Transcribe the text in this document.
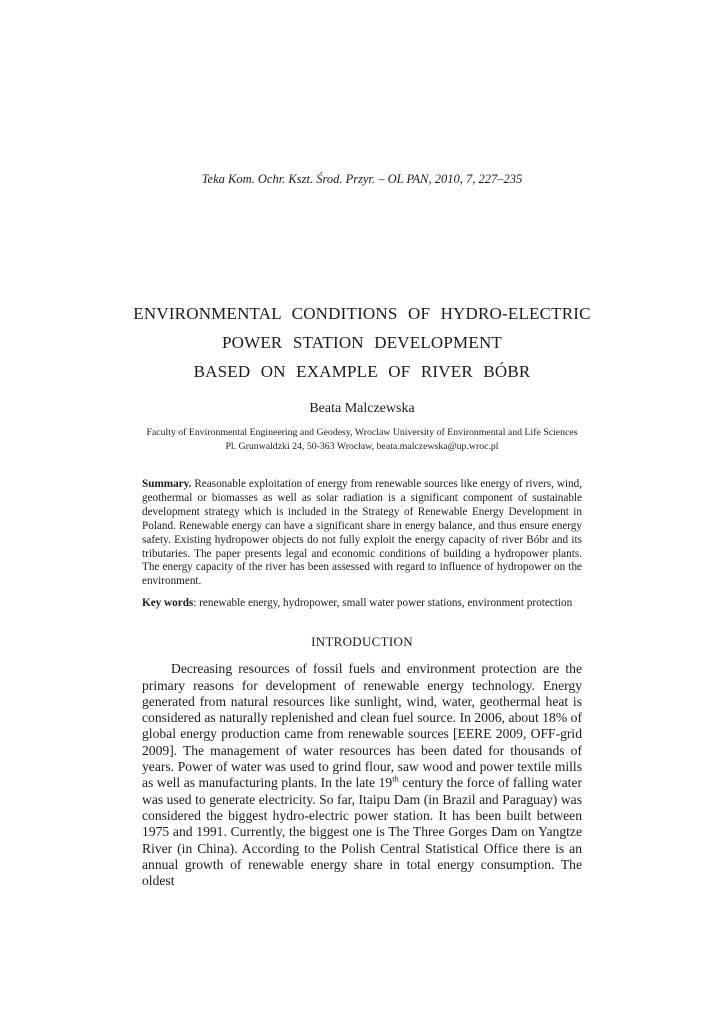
Teka Kom. Ochr. Kszt. Środ. Przyr. – OL PAN, 2010, 7, 227–235
ENVIRONMENTAL CONDITIONS OF HYDRO-ELECTRIC
POWER STATION DEVELOPMENT
BASED ON EXAMPLE OF RIVER BÓBR
Beata Malczewska
Faculty of Environmental Engineering and Geodesy, Wroclaw University of Environmental and Life Sciences
Pl. Grunwaldzki 24, 50-363 Wrocław, beata.malczewska@up.wroc.pl

Summary. Reasonable exploitation of energy from renewable sources like energy of rivers, wind, geothermal or biomasses as well as solar radiation is a significant component of sustainable development strategy which is included in the Strategy of Renewable Energy Development in Poland. Renewable energy can have a significant share in energy balance, and thus ensure energy safety. Existing hydropower objects do not fully exploit the energy capacity of river Bóbr and its tributaries. The paper presents legal and economic conditions of building a hydropower plants. The energy capacity of the river has been assessed with regard to influence of hydropower on the environment.

Key words: renewable energy, hydropower, small water power stations, environment protection

INTRODUCTION

Decreasing resources of fossil fuels and environment protection are the primary reasons for development of renewable energy technology. Energy generated from natural resources like sunlight, wind, water, geothermal heat is considered as naturally replenished and clean fuel source. In 2006, about 18% of global energy production came from renewable sources [EERE 2009, OFF-grid 2009]. The management of water resources has been dated for thousands of years. Power of water was used to grind flour, saw wood and power textile mills as well as manufacturing plants. In the late 19th century the force of falling water was used to generate electricity. So far, Itaipu Dam (in Brazil and Paraguay) was considered the biggest hydro-electric power station. It has been built between 1975 and 1991. Currently, the biggest one is The Three Gorges Dam on Yangtze River (in China). According to the Polish Central Statistical Office there is an annual growth of renewable energy share in total energy consumption. The oldest
